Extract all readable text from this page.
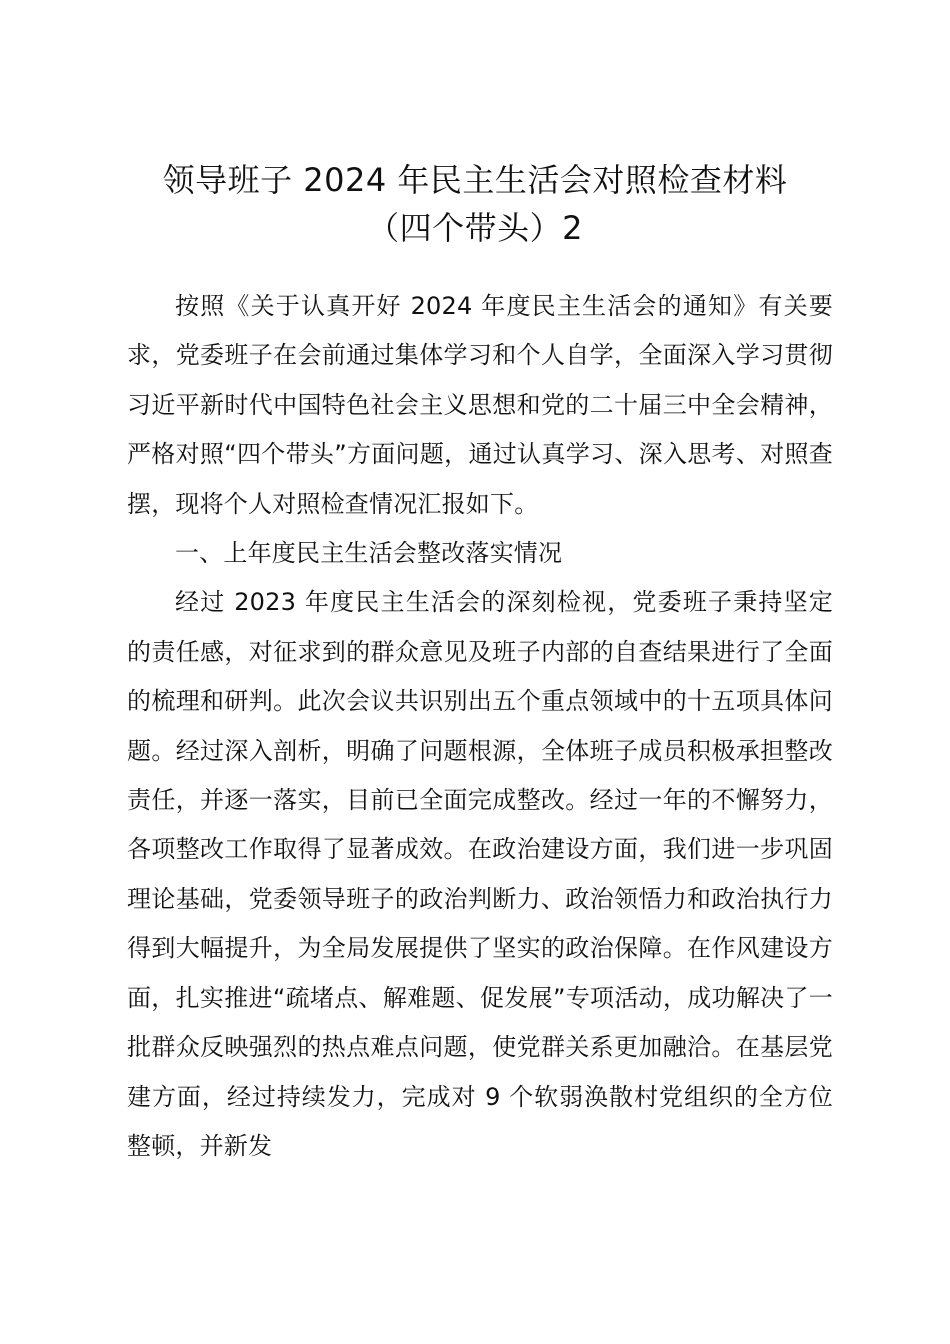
领导班子 2024 年民主生活会对照检查材料
（四个带头）2

按照《关于认真开好 2024 年度民主生活会的通知》有关要求，党委班子在会前通过集体学习和个人自学，全面深入学习贯彻习近平新时代中国特色社会主义思想和党的二十届三中全会精神，严格对照“四个带头”方面问题，通过认真学习、深入思考、对照查摆，现将个人对照检查情况汇报如下。

一、上年度民主生活会整改落实情况

经过 2023 年度民主生活会的深刻检视，党委班子秉持坚定的责任感，对征求到的群众意见及班子内部的自查结果进行了全面的梳理和研判。此次会议共识别出五个重点领域中的十五项具体问题。经过深入剖析，明确了问题根源，全体班子成员积极承担整改责任，并逐一落实，目前已全面完成整改。经过一年的不懈努力，各项整改工作取得了显著成效。在政治建设方面，我们进一步巩固理论基础，党委领导班子的政治判断力、政治领悟力和政治执行力得到大幅提升，为全局发展提供了坚实的政治保障。在作风建设方面，扎实推进“疏堵点、解难题、促发展”专项活动，成功解决了一批群众反映强烈的热点难点问题，使党群关系更加融洽。在基层党建方面，经过持续发力，完成对 9 个软弱涣散村党组织的全方位整顿，并新发
